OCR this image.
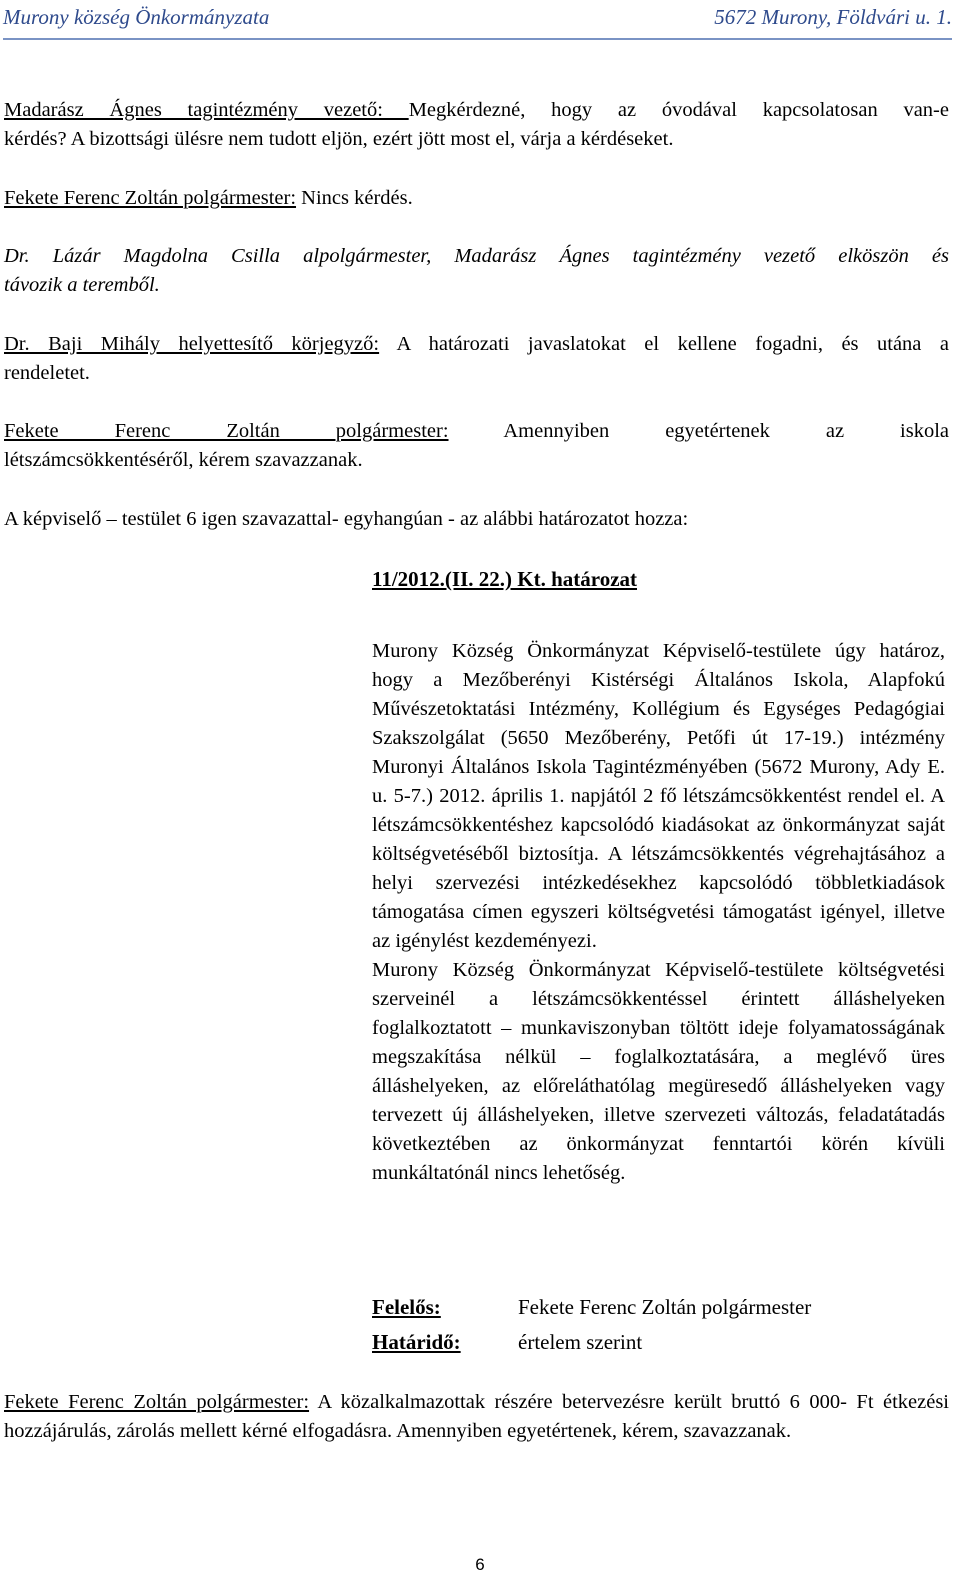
Murony község Önkormányzata	5672 Murony, Földvári u. 1.
Madarász Ágnes tagintézmény vezető: Megkérdezné, hogy az óvodával kapcsolatosan van-e
kérdés? A bizottsági ülésre nem tudott eljön, ezért jött most el, várja a kérdéseket.
Fekete Ferenc Zoltán polgármester: Nincs kérdés.
Dr. Lázár Magdolna Csilla alpolgármester, Madarász Ágnes tagintézmény vezető elköszön és
távozik a teremből.
Dr. Baji Mihály helyettesítő körjegyző: A határozati javaslatokat el kellene fogadni, és utána a
rendeletet.
Fekete Ferenc Zoltán polgármester:	Amennyiben egyetértenek az iskola
létszámcsökkentéséről, kérem szavazzanak.
A képviselő – testület 6 igen szavazattal- egyhangúan - az alábbi határozatot hozza:
11/2012.(II. 22.) Kt. határozat

Murony Község Önkormányzat Képviselő-testülete úgy határoz, hogy a Mezőberényi Kistérségi Általános Iskola, Alapfokú Művészetoktatási Intézmény, Kollégium és Egységes Pedagógiai Szakszolgálat (5650 Mezőberény, Petőfi út 17-19.) intézmény Muronyi Általános Iskola Tagintézményében (5672 Murony, Ady E. u. 5-7.) 2012. április 1. napjától 2 fő létszámcsökkentést rendel el. A létszámcsökkentéshez kapcsolódó kiadásokat az önkormányzat saját költségvetéséből biztosítja. A létszámcsökkentés végrehajtásához a helyi szervezési intézkedésekhez kapcsolódó többletkiadások támogatása címen egyszeri költségvetési támogatást igényel, illetve az igénylést kezdeményezi.

Murony Község Önkormányzat Képviselő-testülete költségvetési szerveinél a létszámcsökkentéssel érintett álláshelyeken foglalkoztatott – munkaviszonyban töltött ideje folyamatosságának megszakítása nélkül – foglalkoztatására, a meglévő üres álláshelyeken, az előreláthatólag megüresedő álláshelyeken vagy tervezett új álláshelyeken, illetve szervezeti változás, feladatátadás következtében az önkormányzat fenntartói körén kívüli munkáltatónál nincs lehetőség.

Felelős:	Fekete Ferenc Zoltán polgármester
Határidő:	értelem szerint
Fekete Ferenc Zoltán polgármester: A közalkalmazottak részére betervezésre került bruttó 6 000- Ft étkezési hozzájárulás, zárolás mellett kérné elfogadásra. Amennyiben egyetértenek, kérem, szavazzanak.
6
